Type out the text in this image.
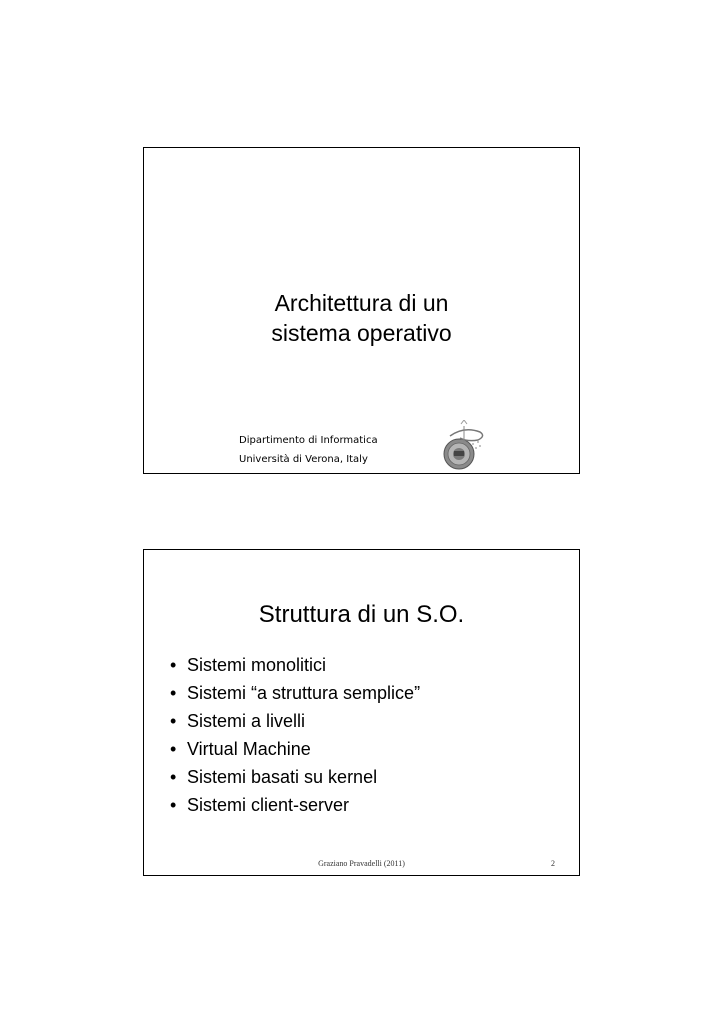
Architettura di un
sistema operativo
Dipartimento di Informatica
Università di Verona, Italy
Struttura di un S.O.
• Sistemi monolitici
• Sistemi “a struttura semplice”
• Sistemi a livelli
• Virtual Machine
• Sistemi basati su kernel
• Sistemi client-server
Graziano Pravadelli (2011)	2
